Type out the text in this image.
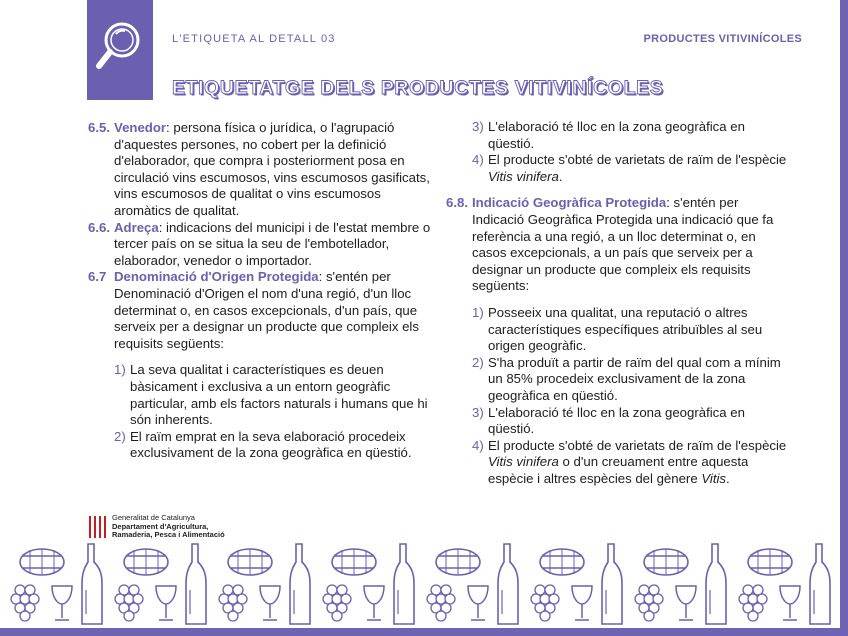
L'ETIQUETA AL DETALL 03	PRODUCTES VITIVINÍCOLES
ETIQUETATGE DELS PRODUCTES VITIVINÍCOLES

6.5. Venedor: persona física o jurídica, o l'agrupació d'aquestes persones, no cobert per la definició d'elaborador, que compra i posteriorment posa en circulació vins escumosos, vins escumosos gasificats, vins escumosos de qualitat o vins escumosos aromàtics de qualitat.

6.6. Adreça: indicacions del municipi i de l'estat membre o tercer país on se situa la seu de l'embotellador, elaborador, venedor o importador.

6.7 Denominació d'Origen Protegida: s'entén per Denominació d'Origen el nom d'una regió, d'un lloc determinat o, en casos excepcionals, d'un país, que serveix per a designar un producte que compleix els requisits següents:

1) La seva qualitat i característiques es deuen bàsicament i exclusiva a un entorn geogràfic particular, amb els factors naturals i humans que hi són inherents.
2) El raïm emprat en la seva elaboració procedeix exclusivament de la zona geogràfica en qüestió.
3) L'elaboració té lloc en la zona geogràfica en qüestió.
4) El producte s'obté de varietats de raïm de l'espècie Vitis vinifera.

6.8. Indicació Geogràfica Protegida: s'entén per Indicació Geogràfica Protegida una indicació que fa referència a una regió, a un lloc determinat o, en casos excepcionals, a un país que serveix per a designar un producte que compleix els requisits següents:

1) Posseeix una qualitat, una reputació o altres característiques específiques atribuïbles al seu origen geogràfic.
2) S'ha produït a partir de raïm del qual com a mínim un 85% procedeix exclusivament de la zona geogràfica en qüestió.
3) L'elaboració té lloc en la zona geogràfica en qüestió.
4) El producte s'obté de varietats de raïm de l'espècie Vitis vinifera o d'un creuament entre aquesta espècie i altres espècies del gènere Vitis.
Generalitat de Catalunya
Departament d'Agricultura,
Ramaderia, Pesca i Alimentació
